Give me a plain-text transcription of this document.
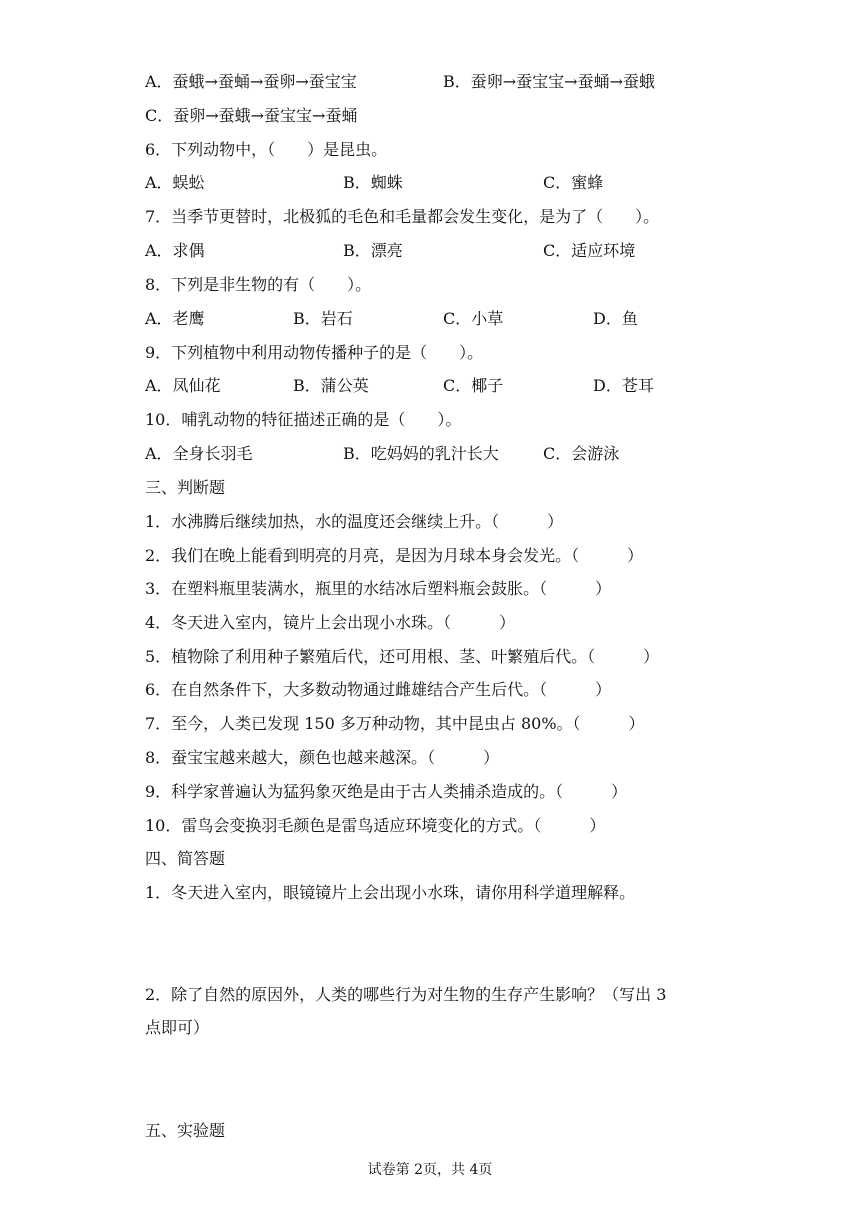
A．蚕蛾→蚕蛹→蚕卵→蚕宝宝	B．蚕卵→蚕宝宝→蚕蛹→蚕蛾
C．蚕卵→蚕蛾→蚕宝宝→蚕蛹
6．下列动物中，（　　）是昆虫。
A．蜈蚣	B．蜘蛛	C．蜜蜂
7．当季节更替时，北极狐的毛色和毛量都会发生变化，是为了（　　）。
A．求偶	B．漂亮	C．适应环境
8．下列是非生物的有（　　）。
A．老鹰	B．岩石	C．小草	D．鱼
9．下列植物中利用动物传播种子的是（　　）。
A．凤仙花	B．蒲公英	C．椰子	D．苍耳
10．哺乳动物的特征描述正确的是（　　）。
A．全身长羽毛	B．吃妈妈的乳汁长大	C．会游泳
三、判断题
1．水沸腾后继续加热，水的温度还会继续上升。（　　　）
2．我们在晚上能看到明亮的月亮，是因为月球本身会发光。（　　　）
3．在塑料瓶里装满水，瓶里的水结冰后塑料瓶会鼓胀。（　　　）
4．冬天进入室内，镜片上会出现小水珠。（　　　）
5．植物除了利用种子繁殖后代，还可用根、茎、叶繁殖后代。（　　　）
6．在自然条件下，大多数动物通过雌雄结合产生后代。（　　　）
7．至今，人类已发现 150 多万种动物，其中昆虫占 80%。（　　　）
8．蚕宝宝越来越大，颜色也越来越深。（　　　）
9．科学家普遍认为猛犸象灭绝是由于古人类捕杀造成的。（　　　）
10．雷鸟会变换羽毛颜色是雷鸟适应环境变化的方式。（　　　）
四、简答题
1．冬天进入室内，眼镜镜片上会出现小水珠，请你用科学道理解释。
2．除了自然的原因外，人类的哪些行为对生物的生存产生影响？（写出 3
点即可）
五、实验题
试卷第 2页，共 4页
